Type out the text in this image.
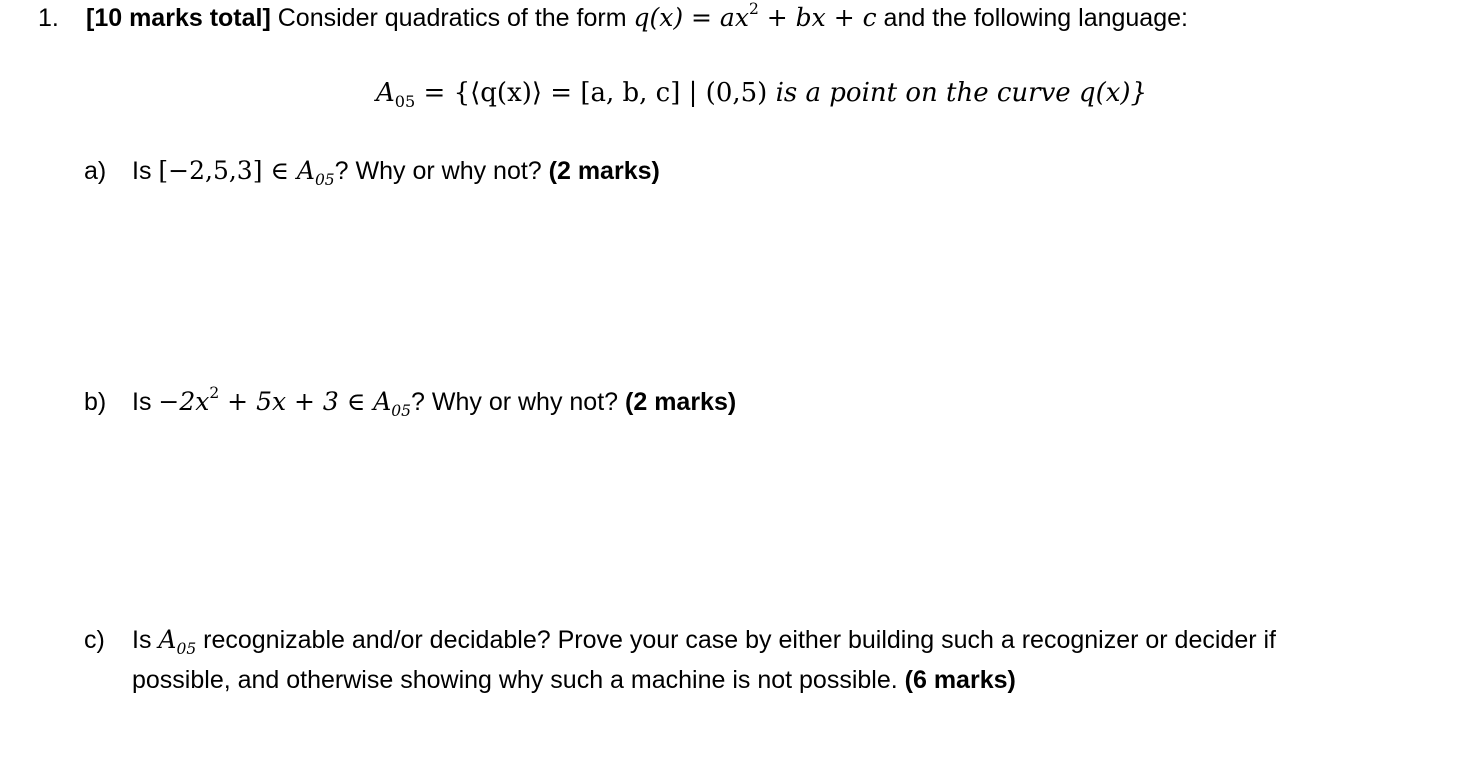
1. [10 marks total] Consider quadratics of the form $q(x) = ax^2$ + bx + c and the following language:
$A_{05}$ = {⟨q(x)⟩ = [a, b, c] | (0,5) is a point on the curve q(x)}
a) Is [−2,5,3] ∈ $A_{05}$? Why or why not? (2 marks)
b) $Is -2x^2 + 5x + 3$ ∈ $A_{05}$? Why or why not? (2 marks)
c) Is $A_{05}$ recognizable and/or decidable? Prove your case by either building such a recognizer or decider if
possible, and otherwise showing why such a machine is not possible. (6 marks)
